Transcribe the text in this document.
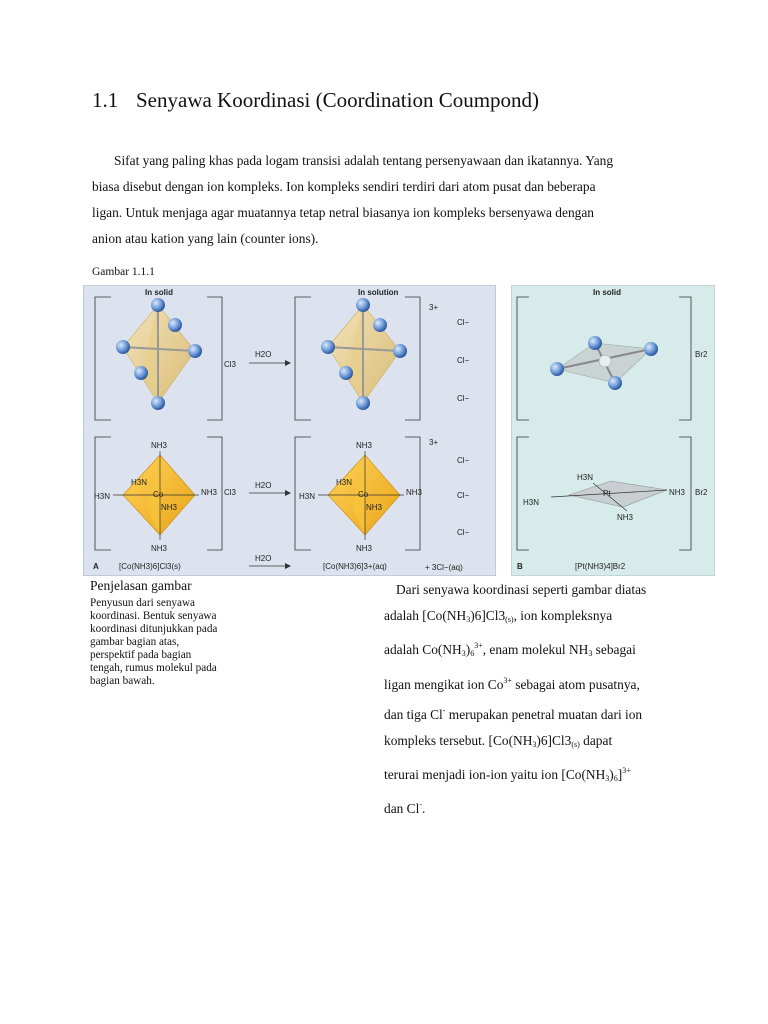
1.1 Senyawa Koordinasi (Coordination Coumpond)
Sifat yang paling khas pada logam transisi adalah tentang persenyawaan dan ikatannya. Yang
biasa disebut dengan ion kompleks. Ion kompleks sendiri terdiri dari atom pusat dan beberapa
ligan. Untuk menjaga agar muatannya tetap netral biasanya ion kompleks bersenyawa dengan
anion atau kation yang lain (counter ions).
Gambar 1.1.1
In solid	In solution
Cl3
H2O
3+
Cl−
Cl−
Cl−
NH3
H3N
H3N	Co	NH3
NH3
NH3
Cl3
H2O
NH3
H3N
H3N	Co	NH3
NH3
NH3
3+
Cl−
Cl−
Cl−
A	[Co(NH3)6]Cl3(s)
H2O
[Co(NH3)6]3+(aq)	+ 3Cl−(aq)
In solid
Br2
H3N
H3N
Pt	NH3
NH3
Br2
B	[Pt(NH3)4]Br2
Penjelasan gambar
Penyusun dari senyawa
koordinasi. Bentuk senyawa
koordinasi ditunjukkan pada
gambar bagian atas,
perspektif pada bagian
tengah, rumus molekul pada
bagian bawah.
Dari senyawa koordinasi seperti gambar diatas
adalah $[Co(NH_3)6]Cl3_{(s)}$, ion kompleksnya
adalah $Co(NH_3)_6^{3+}$, enam molekul $NH_3$ sebagai
ligan mengikat ion $Co^{3+}$ sebagai atom pusatnya,
dan tiga Cl- merupakan penetral muatan dari ion
kompleks tersebut. $[Co(NH_3)6]Cl3_{(s)}$ dapat
terurai menjadi ion-ion yaitu ion $[Co(NH_3)_6]^{3+}$
dan Cl-.
